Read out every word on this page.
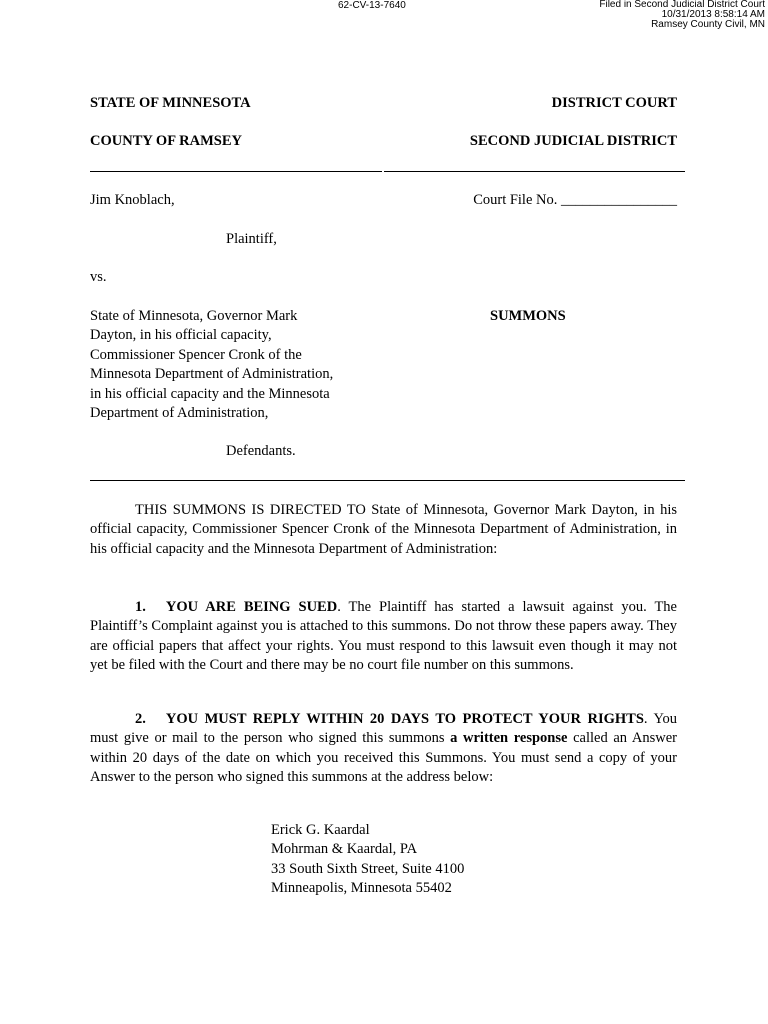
62-CV-13-7640	Filed in Second Judicial District Court
10/31/2013 8:58:14 AM
Ramsey County Civil, MN
STATE OF MINNESOTA	DISTRICT COURT
COUNTY OF RAMSEY	SECOND JUDICIAL DISTRICT
Jim Knoblach,	Court File No. ________________
Plaintiff,
vs.
State of Minnesota, Governor Mark
Dayton, in his official capacity,
Commissioner Spencer Cronk of the
Minnesota Department of Administration,
in his official capacity and the Minnesota
Department of Administration,
SUMMONS
Defendants.
THIS SUMMONS IS DIRECTED TO State of Minnesota, Governor Mark Dayton, in his official capacity, Commissioner Spencer Cronk of the Minnesota Department of Administration, in his official capacity and the Minnesota Department of Administration:
1. YOU ARE BEING SUED. The Plaintiff has started a lawsuit against you. The Plaintiff’s Complaint against you is attached to this summons. Do not throw these papers away. They are official papers that affect your rights. You must respond to this lawsuit even though it may not yet be filed with the Court and there may be no court file number on this summons.
2. YOU MUST REPLY WITHIN 20 DAYS TO PROTECT YOUR RIGHTS. You must give or mail to the person who signed this summons a written response called an Answer within 20 days of the date on which you received this Summons. You must send a copy of your Answer to the person who signed this summons at the address below:
Erick G. Kaardal
Mohrman & Kaardal, PA
33 South Sixth Street, Suite 4100
Minneapolis, Minnesota 55402
